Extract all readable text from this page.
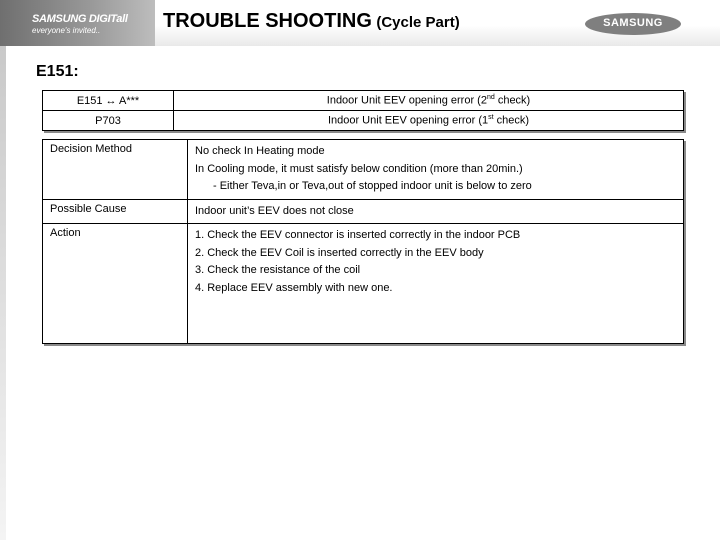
SAMSUNG DIGITall
everyone's invited..	TROUBLE SHOOTING (Cycle Part)	SAMSUNG
E151:
E151 ↔ A***	Indoor Unit EEV opening error (2nd check)
P703	Indoor Unit EEV opening error (1st check)
Decision Method	No check In Heating mode
In Cooling mode, it must satisfy below condition (more than 20min.)
- Either Teva,in or Teva,out of stopped indoor unit is below to zero

Possible Cause	Indoor unit’s EEV does not close
Action	1. Check the EEV connector is inserted correctly in the indoor PCB
2. Check the EEV Coil is inserted correctly in the EEV body
3. Check the resistance of the coil
4. Replace EEV assembly with new one.
